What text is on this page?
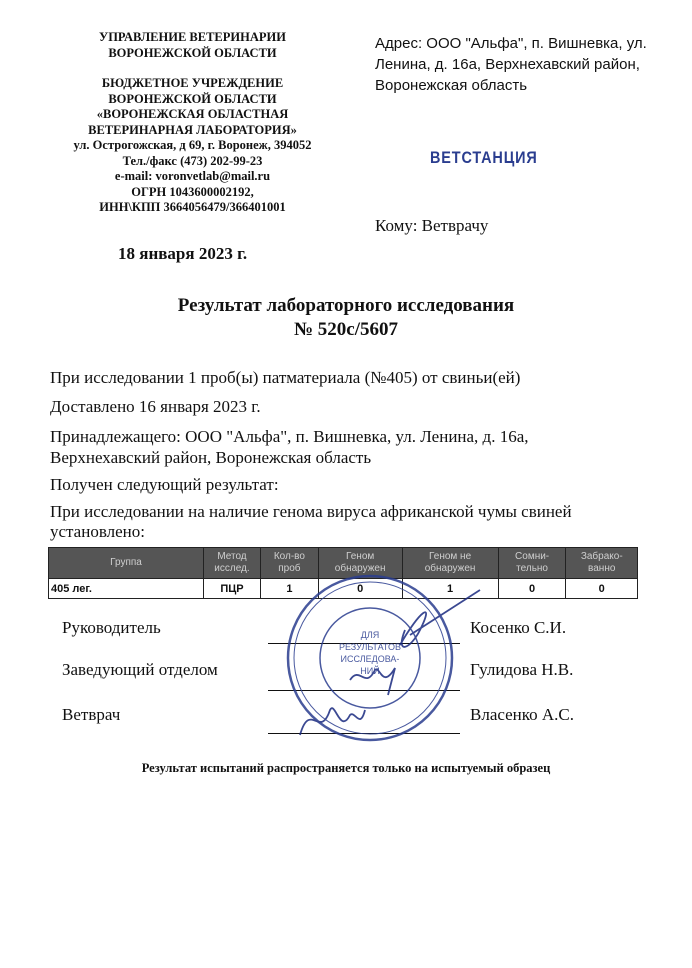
УПРАВЛЕНИЕ ВЕТЕРИНАРИИ
ВОРОНЕЖСКОЙ ОБЛАСТИ
БЮДЖЕТНОЕ УЧРЕЖДЕНИЕ
ВОРОНЕЖСКОЙ ОБЛАСТИ
«ВОРОНЕЖСКАЯ ОБЛАСТНАЯ
ВЕТЕРИНАРНАЯ ЛАБОРАТОРИЯ»
ул. Острогожская, д 69, г. Воронеж, 394052
Тел./факс (473) 202-99-23
e-mail: voronvetlab@mail.ru
ОГРН 1043600002192,
ИНН\КПП 3664056479/366401001
Адрес: ООО "Альфа", п. Вишневка, ул. Ленина, д. 16а, Верхнехавский район, Воронежская область
ВЕТСТАНЦИЯ
Кому: Ветврачу
18 января 2023 г.
Результат лабораторного исследования
№ 520с/5607
При исследовании 1 проб(ы) патматериала (№405) от свиньи(ей)
Доставлено 16 января 2023 г.
Принадлежащего: ООО "Альфа", п. Вишневка, ул. Ленина, д. 16а, Верхнехавский район, Воронежская область
Получен следующий результат:
При исследовании на наличие генома вируса африканской чумы свиней установлено:
Группа	Метод исслед.	Кол-во проб	Геном обнаружен	Геном не обнаружен	Сомни-тельно	Забрако-ванно
405 лег.	ПЦР	1	0	1	0	0
Руководитель	Косенко С.И.
Заведующий отделом	Гулидова Н.В.
Ветврач	Власенко А.С.
ДЛЯ
РЕЗУЛЬТАТОВ
ИССЛЕДОВА-
НИЙ
Результат испытаний распространяется только на испытуемый образец
